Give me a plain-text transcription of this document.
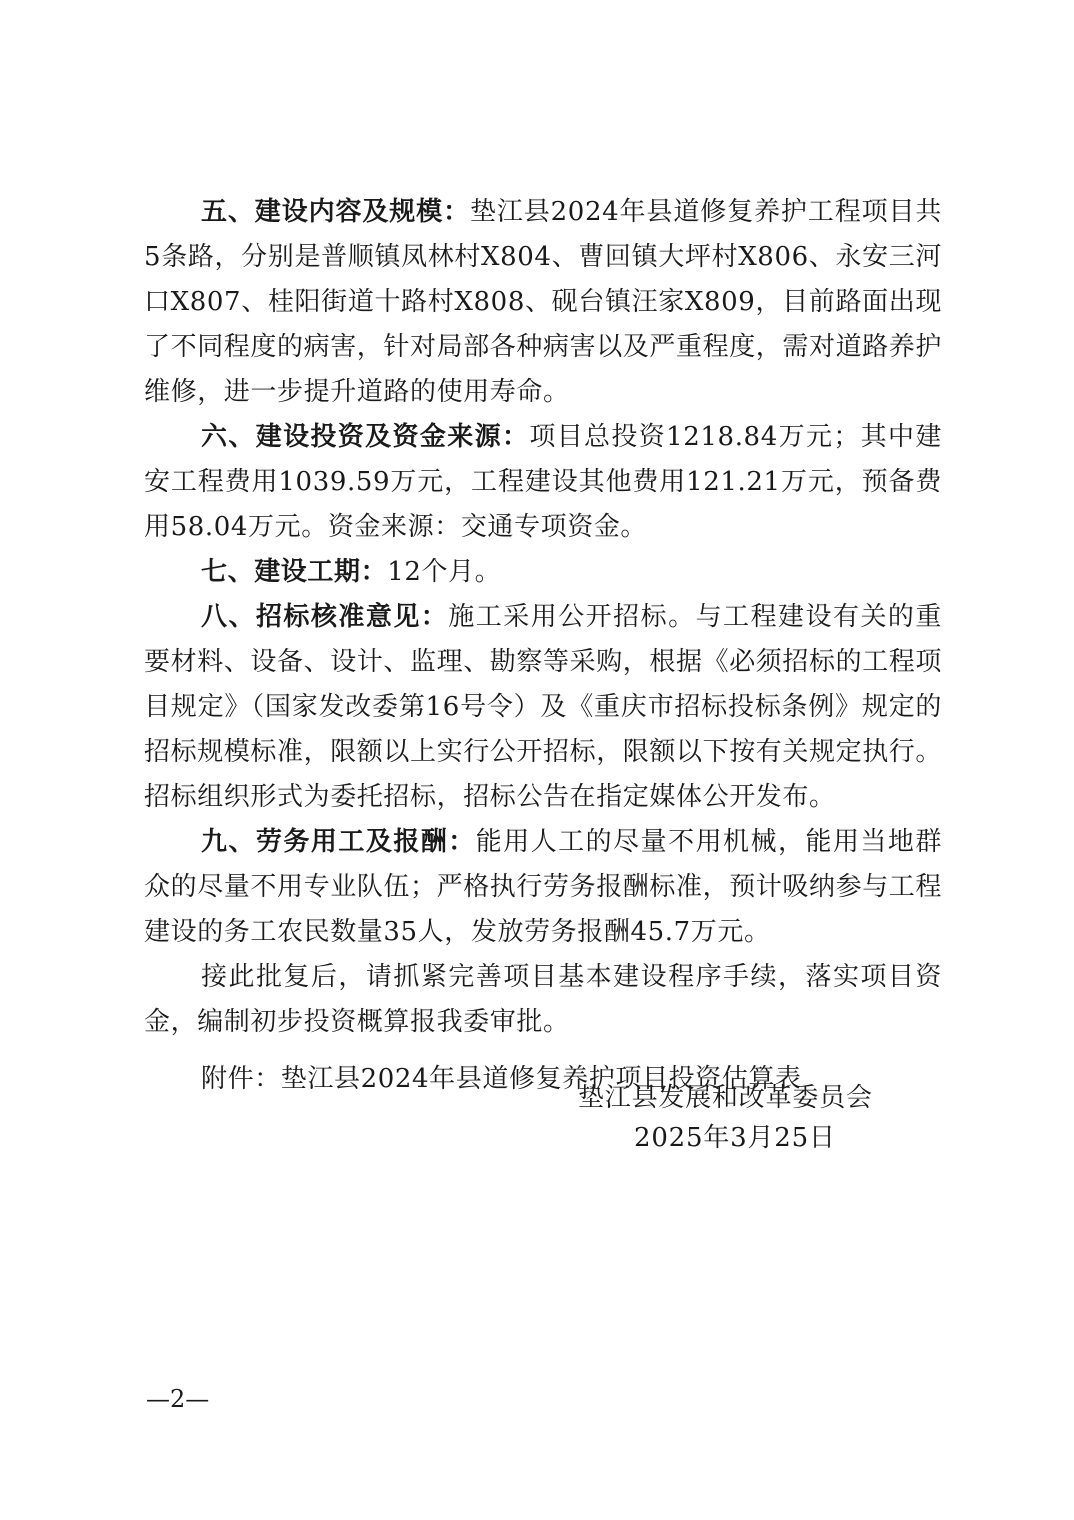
五、建设内容及规模：垫江县2024年县道修复养护工程项目共5条路，分别是普顺镇凤林村X804、曹回镇大坪村X806、永安三河口X807、桂阳街道十路村X808、砚台镇汪家X809，目前路面出现了不同程度的病害，针对局部各种病害以及严重程度，需对道路养护维修，进一步提升道路的使用寿命。

六、建设投资及资金来源：项目总投资1218.84万元；其中建安工程费用1039.59万元，工程建设其他费用121.21万元，预备费用58.04万元。资金来源：交通专项资金。

七、建设工期：12个月。

八、招标核准意见：施工采用公开招标。与工程建设有关的重要材料、设备、设计、监理、勘察等采购，根据《必须招标的工程项目规定》（国家发改委第16号令）及《重庆市招标投标条例》规定的招标规模标准，限额以上实行公开招标，限额以下按有关规定执行。招标组织形式为委托招标，招标公告在指定媒体公开发布。

九、劳务用工及报酬：能用人工的尽量不用机械，能用当地群众的尽量不用专业队伍；严格执行劳务报酬标准，预计吸纳参与工程建设的务工农民数量35人，发放劳务报酬45.7万元。

接此批复后，请抓紧完善项目基本建设程序手续，落实项目资金，编制初步投资概算报我委审批。

附件：垫江县2024年县道修复养护项目投资估算表

垫江县发展和改革委员会
2025年3月25日
—2—
